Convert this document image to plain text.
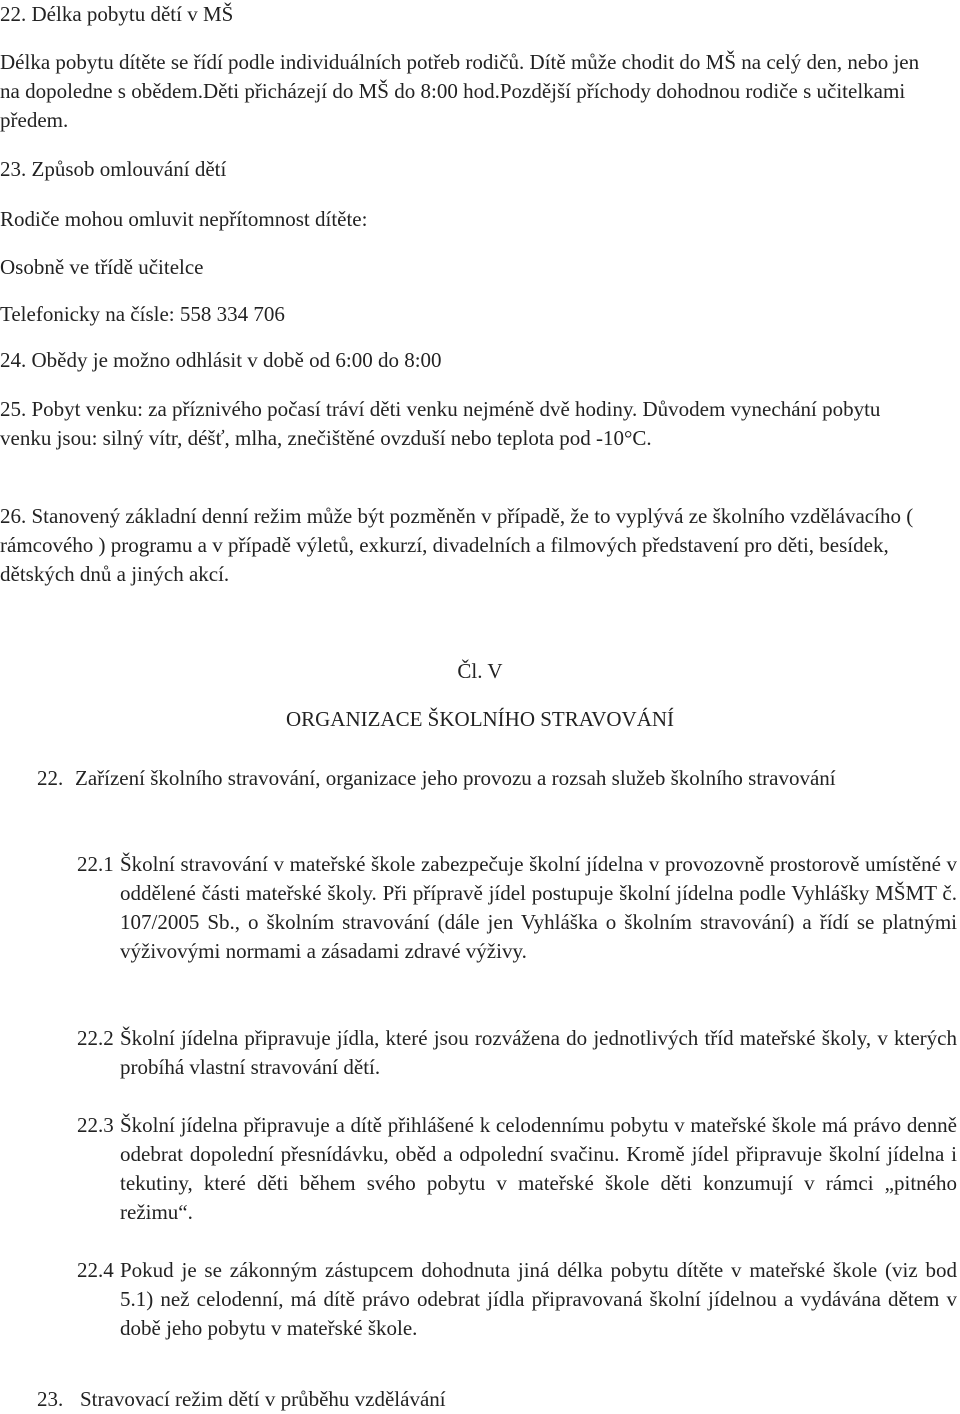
22. Délka pobytu dětí v MŠ

Délka pobytu dítěte se řídí podle individuálních potřeb rodičů. Dítě může chodit do MŠ na celý den, nebo jen na dopoledne s obědem.Děti přicházejí do MŠ do 8:00 hod.Pozdější příchody dohodnou rodiče s učitelkami předem.

23. Způsob omlouvání dětí

Rodiče mohou omluvit nepřítomnost dítěte:

Osobně ve třídě učitelce

Telefonicky na čísle: 558 334 706

24. Obědy je možno odhlásit v době od 6:00 do 8:00

25. Pobyt venku: za příznivého počasí tráví děti venku nejméně dvě hodiny. Důvodem vynechání pobytu venku jsou: silný vítr, déšť, mlha, znečištěné ovzduší nebo teplota pod -10°C.

26. Stanovený základní denní režim může být pozměněn v případě, že to vyplývá ze školního vzdělávacího ( rámcového ) programu a v případě výletů, exkurzí, divadelních a filmových představení pro děti, besídek, dětských dnů a jiných akcí.

Čl. V

ORGANIZACE ŠKOLNÍHO STRAVOVÁNÍ

22. Zařízení školního stravování, organizace jeho provozu a rozsah služeb školního stravování

22.1 Školní stravování v mateřské škole zabezpečuje školní jídelna v provozovně prostorově umístěné v oddělené části mateřské školy. Při přípravě jídel postupuje školní jídelna podle Vyhlášky MŠMT č. 107/2005 Sb., o školním stravování (dále jen Vyhláška o školním stravování) a řídí se platnými výživovými normami a zásadami zdravé výživy.

22.2 Školní jídelna připravuje jídla, které jsou rozvážena do jednotlivých tříd mateřské školy, v kterých probíhá vlastní stravování dětí.

22.3 Školní jídelna připravuje a dítě přihlášené k celodennímu pobytu v mateřské škole má právo denně odebrat dopolední přesnídávku, oběd a odpolední svačinu. Kromě jídel připravuje školní jídelna i tekutiny, které děti během svého pobytu v mateřské škole děti konzumují v rámci „pitného režimu“.

22.4 Pokud je se zákonným zástupcem dohodnuta jiná délka pobytu dítěte v mateřské škole (viz bod 5.1) než celodenní, má dítě právo odebrat jídla připravovaná školní jídelnou a vydávána dětem v době jeho pobytu v mateřské škole.

23. Stravovací režim dětí v průběhu vzdělávání
